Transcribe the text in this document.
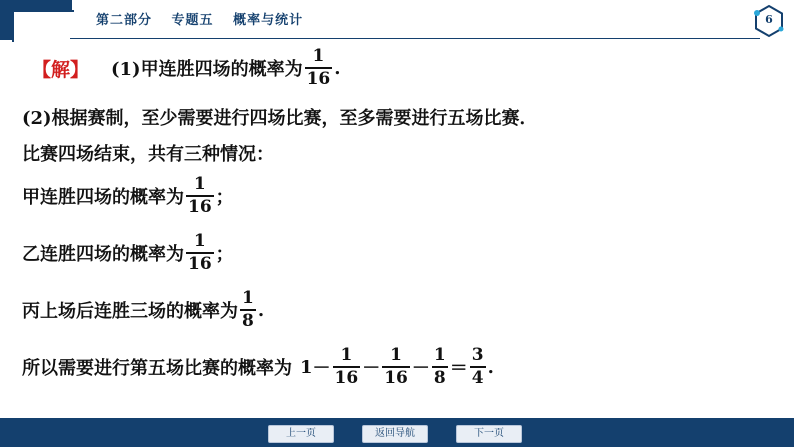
第二部分 专题五 概率与统计	6
【解】 (1)甲连胜四场的概率为 $\frac{1}{16}$ .
(2)根据赛制，至少需要进行四场比赛，至多需要进行五场比赛．
比赛四场结束，共有三种情况：
甲连胜四场的概率为 $\frac{1}{16}$ ；
乙连胜四场的概率为 $\frac{1}{16}$ ；
丙上场后连胜三场的概率为 $\frac{1}{8}$ .
所以需要进行第五场比赛的概率为 $1 - \frac{1}{16} - \frac{1}{16} - \frac{1}{8} = \frac{3}{4}$ .
上一页	返回导航	下一页
